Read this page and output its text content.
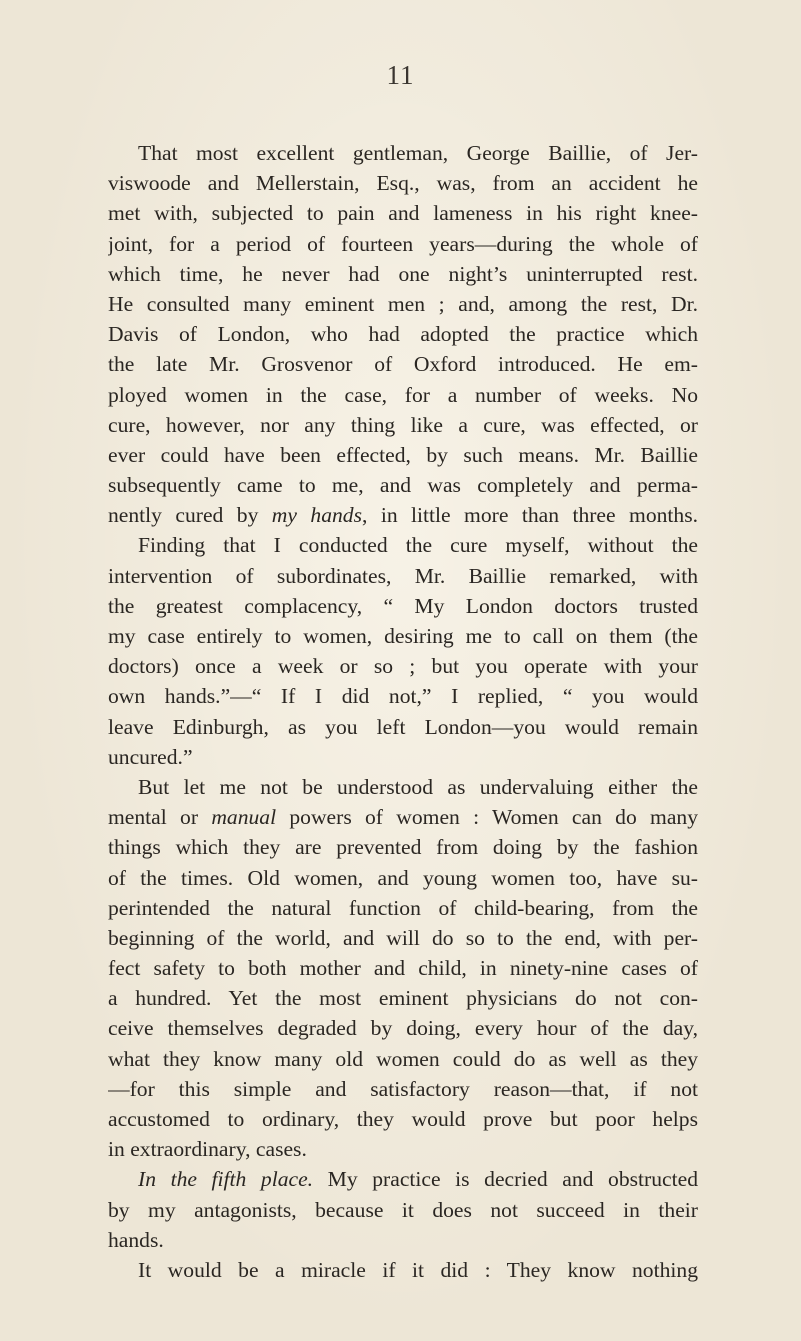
11
That most excellent gentleman, George Baillie, of Jer-
viswoode and Mellerstain, Esq., was, from an accident he
met with, subjected to pain and lameness in his right knee-
joint, for a period of fourteen years—during the whole of
which time, he never had one night’s uninterrupted rest.
He consulted many eminent men ; and, among the rest, Dr.
Davis of London, who had adopted the practice which
the late Mr. Grosvenor of Oxford introduced. He em-
ployed women in the case, for a number of weeks. No
cure, however, nor any thing like a cure, was effected, or
ever could have been effected, by such means. Mr. Baillie
subsequently came to me, and was completely and perma-
nently cured by my hands, in little more than three months.
Finding that I conducted the cure myself, without the
intervention of subordinates, Mr. Baillie remarked, with
the greatest complacency, “ My London doctors trusted
my case entirely to women, desiring me to call on them (the
doctors) once a week or so ; but you operate with your
own hands.”—“ If I did not,” I replied, “ you would
leave Edinburgh, as you left London—you would remain
uncured.”
But let me not be understood as undervaluing either the
mental or manual powers of women : Women can do many
things which they are prevented from doing by the fashion
of the times. Old women, and young women too, have su-
perintended the natural function of child-bearing, from the
beginning of the world, and will do so to the end, with per-
fect safety to both mother and child, in ninety-nine cases of
a hundred. Yet the most eminent physicians do not con-
ceive themselves degraded by doing, every hour of the day,
what they know many old women could do as well as they
—for this simple and satisfactory reason—that, if not
accustomed to ordinary, they would prove but poor helps
in extraordinary, cases.
In the fifth place. My practice is decried and obstructed
by my antagonists, because it does not succeed in their
hands.
It would be a miracle if it did : They know nothing
